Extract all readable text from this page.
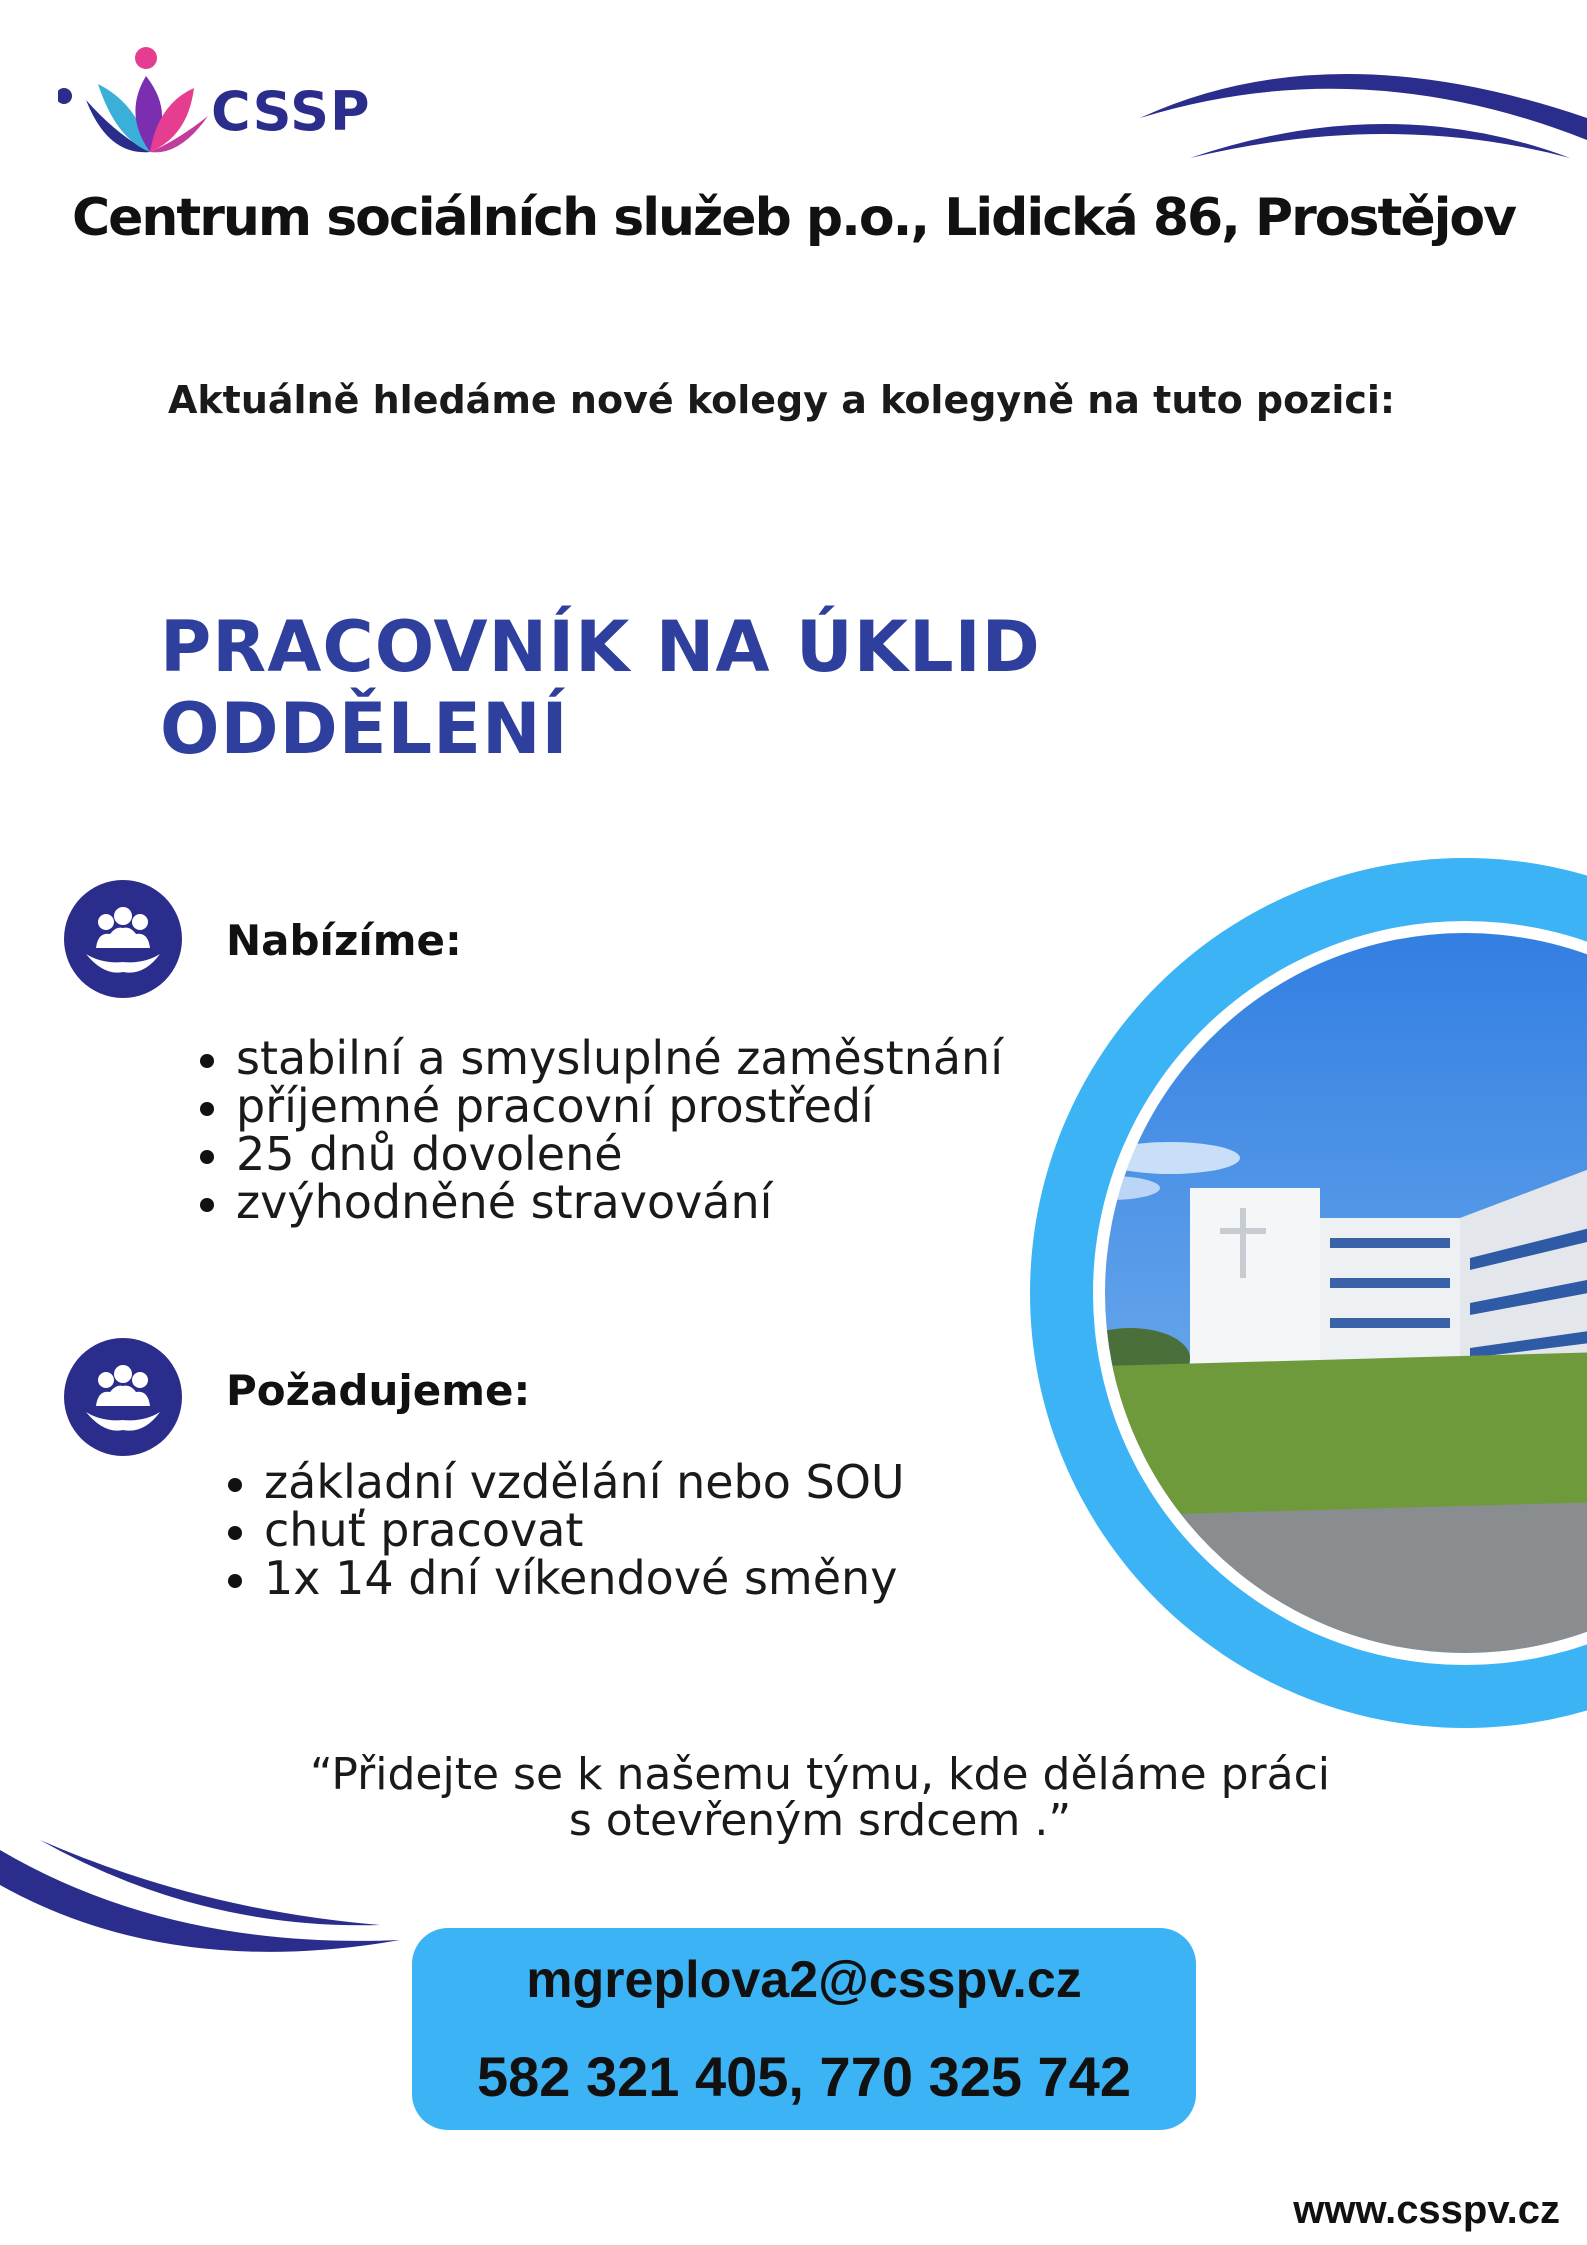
CSSP
Centrum sociálních služeb p.o., Lidická 86, Prostějov
Aktuálně hledáme nové kolegy a kolegyně na tuto pozici:
PRACOVNÍK NA ÚKLID ODDĚLENÍ
Nabízíme:
stabilní a smysluplné zaměstnání
příjemné pracovní prostředí
25 dnů dovolené
zvýhodněné stravování
Požadujeme:
základní vzdělání nebo SOU
chuť pracovat
1x 14 dní víkendové směny
“Přidejte se k našemu týmu, kde děláme práci
s otevřeným srdcem .”
mgreplova2@csspv.cz
582 321 405, 770 325 742
www.csspv.cz
